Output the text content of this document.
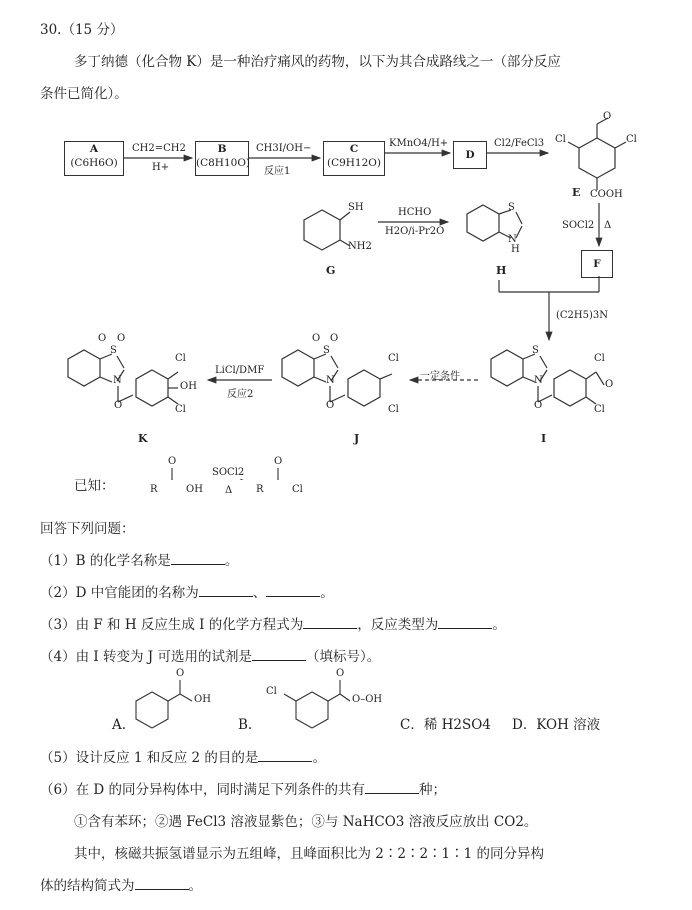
30.（15 分）
多丁纳德（化合物 K）是一种治疗痛风的药物，以下为其合成路线之一（部分反应
条件已简化）。
A
(C6H6O)
B
(C8H10O)
C
(C9H12O)
D
F
CH2=CH2
H+
CH3I/OH−
反应1
KMnO4/H+	Cl2/FeCl3
O
Cl	Cl
E COOH
SOCl2 Δ
SH
NH2
G
HCHO
H2O/i-Pr2O
S
N
H
H
(C2H5)3N
S
N
Cl
O
Cl
O
I
一定条件
O O
S
N
Cl
Cl
O
J
LiCl/DMF
反应2
O O
S
N
Cl
OH
Cl
O
K
已知：	R
O
OH
SOCl2
Δ R
O
Cl
回答下列问题：
（1）B 的化学名称是	。
（2）D 中官能团的名称为	、	。
（3）由 F 和 H 反应生成 I 的化学方程式为	，反应类型为	。
（4）由 I 转变为 J 可选用的试剂是	（填标号）。
A.
O
OH
B.
Cl
O
O–OH
C．稀 H2SO4 D．KOH 溶液
（5）设计反应 1 和反应 2 的目的是	。
（6）在 D 的同分异构体中，同时满足下列条件的共有	种；
①含有苯环；②遇 FeCl3 溶液显紫色；③与 NaHCO3 溶液反应放出 CO2。
其中，核磁共振氢谱显示为五组峰，且峰面积比为 2∶2∶2∶1∶1 的同分异构
体的结构简式为	。
